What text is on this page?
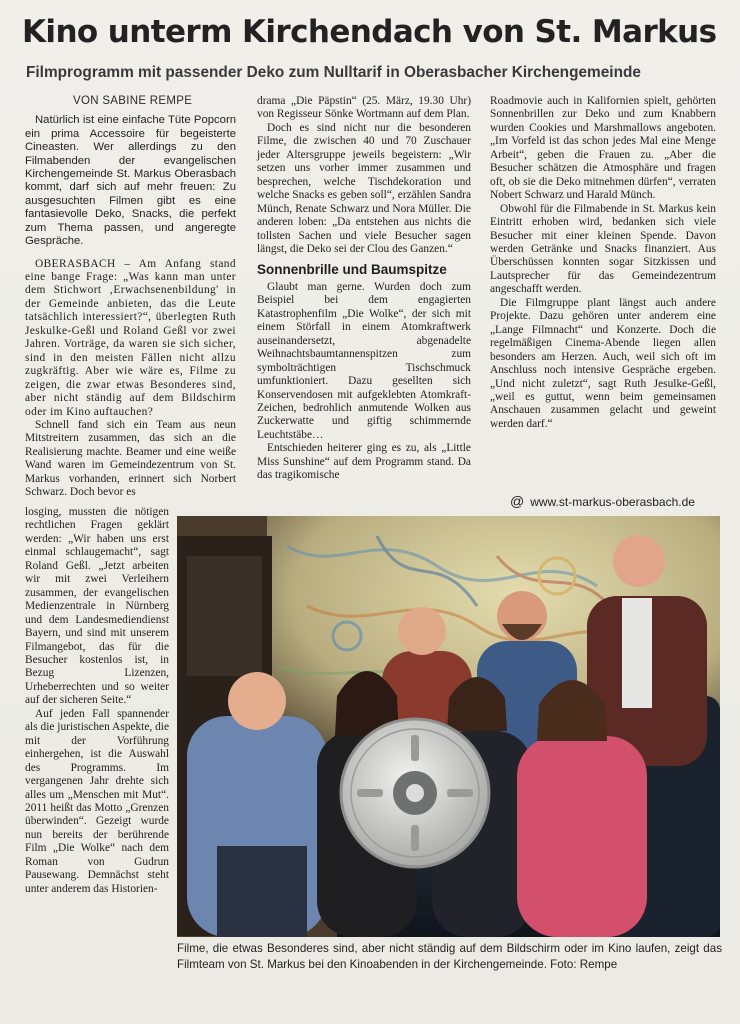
Kino unterm Kirchendach von St. Markus
Filmprogramm mit passender Deko zum Nulltarif in Oberasbacher Kirchengemeinde

VON SABINE REMPE

Natürlich ist eine einfache Tüte Popcorn ein prima Accessoire für begeisterte Cineasten. Wer allerdings zu den Filmabenden der evangelischen Kirchengemeinde St. Markus Oberasbach kommt, darf sich auf mehr freuen: Zu ausgesuchten Filmen gibt es eine fantasievolle Deko, Snacks, die perfekt zum Thema passen, und angeregte Gespräche.

OBERASBACH – Am Anfang stand eine bange Frage: „Was kann man unter dem Stichwort ‚Erwachsenenbildung' in der Gemeinde anbieten, das die Leute tatsächlich interessiert?“, überlegten Ruth Jeskulke-Geßl und Roland Geßl vor zwei Jahren. Vorträge, da waren sie sich sicher, sind in den meisten Fällen nicht allzu zugkräftig. Aber wie wäre es, Filme zu zeigen, die zwar etwas Besonderes sind, aber nicht ständig auf dem Bildschirm oder im Kino auftauchen?

Schnell fand sich ein Team aus neun Mitstreitern zusammen, das sich an die Realisierung machte. Beamer und eine weiße Wand waren im Gemeindezentrum von St. Markus vorhanden, erinnert sich Norbert Schwarz. Doch bevor es

losging, mussten die nötigen rechtlichen Fragen geklärt werden: „Wir haben uns erst einmal schlaugemacht“, sagt Roland Geßl. „Jetzt arbeiten wir mit zwei Verleihern zusammen, der evangelischen Medienzentrale in Nürnberg und dem Landesmediendienst Bayern, und sind mit unserem Filmangebot, das für die Besucher kostenlos ist, in Bezug Lizenzen, Urheberrechten und so weiter auf der sicheren Seite.“

Auf jeden Fall spannender als die juristischen Aspekte, die mit der Vorführung einhergehen, ist die Auswahl des Programms. Im vergangenen Jahr drehte sich alles um „Menschen mit Mut“. 2011 heißt das Motto „Grenzen überwinden“. Gezeigt wurde nun bereits der berührende Film „Die Wolke“ nach dem Roman von Gudrun Pausewang. Demnächst steht unter anderem das Historien-

drama „Die Päpstin“ (25. März, 19.30 Uhr) von Regisseur Sönke Wortmann auf dem Plan.

Doch es sind nicht nur die besonderen Filme, die zwischen 40 und 70 Zuschauer jeder Altersgruppe jeweils begeistern: „Wir setzen uns vorher immer zusammen und besprechen, welche Tischdekoration und welche Snacks es geben soll“, erzählen Sandra Münch, Renate Schwarz und Nora Müller. Die anderen loben: „Da entstehen aus nichts die tollsten Sachen und viele Besucher sagen längst, die Deko sei der Clou des Ganzen.“

Sonnenbrille und Baumspitze

Glaubt man gerne. Wurden doch zum Beispiel bei dem engagierten Katastrophenfilm „Die Wolke“, der sich mit einem Störfall in einem Atomkraftwerk auseinandersetzt, abgenadelte Weihnachtsbaumtannenspitzen zum symbolträchtigen Tischschmuck umfunktioniert. Dazu gesellten sich Konservendosen mit aufgeklebten Atomkraft-Zeichen, bedrohlich anmutende Wolken aus Zuckerwatte und giftig schimmernde Leuchtstäbe…

Entschieden heiterer ging es zu, als „Little Miss Sunshine“ auf dem Programm stand. Da das tragikomische

Roadmovie auch in Kalifornien spielt, gehörten Sonnenbrillen zur Deko und zum Knabbern wurden Cookies und Marshmallows angeboten. „Im Vorfeld ist das schon jedes Mal eine Menge Arbeit“, geben die Frauen zu. „Aber die Besucher schätzen die Atmosphäre und fragen oft, ob sie die Deko mitnehmen dürfen“, verraten Nobert Schwarz und Harald Münch.

Obwohl für die Filmabende in St. Markus kein Eintritt erhoben wird, bedanken sich viele Besucher mit einer kleinen Spende. Davon werden Getränke und Snacks finanziert. Aus Überschüssen konnten sogar Sitzkissen und Lautsprecher für das Gemeindezentrum angeschafft werden.

Die Filmgruppe plant längst auch andere Projekte. Dazu gehören unter anderem eine „Lange Filmnacht“ und Konzerte. Doch die regelmäßigen Cinema-Abende liegen allen besonders am Herzen. Auch, weil sich oft im Anschluss noch intensive Gespräche ergeben. „Und nicht zuletzt“, sagt Ruth Jesulke-Geßl, „weil es guttut, wenn beim gemeinsamen Anschauen zusammen gelacht und geweint werden darf.“

@ www.st-markus-oberasbach.de

Filme, die etwas Besonderes sind, aber nicht ständig auf dem Bildschirm oder im Kino laufen, zeigt das Filmteam von St. Markus bei den Kinoabenden in der Kirchengemeinde. Foto: Rempe
